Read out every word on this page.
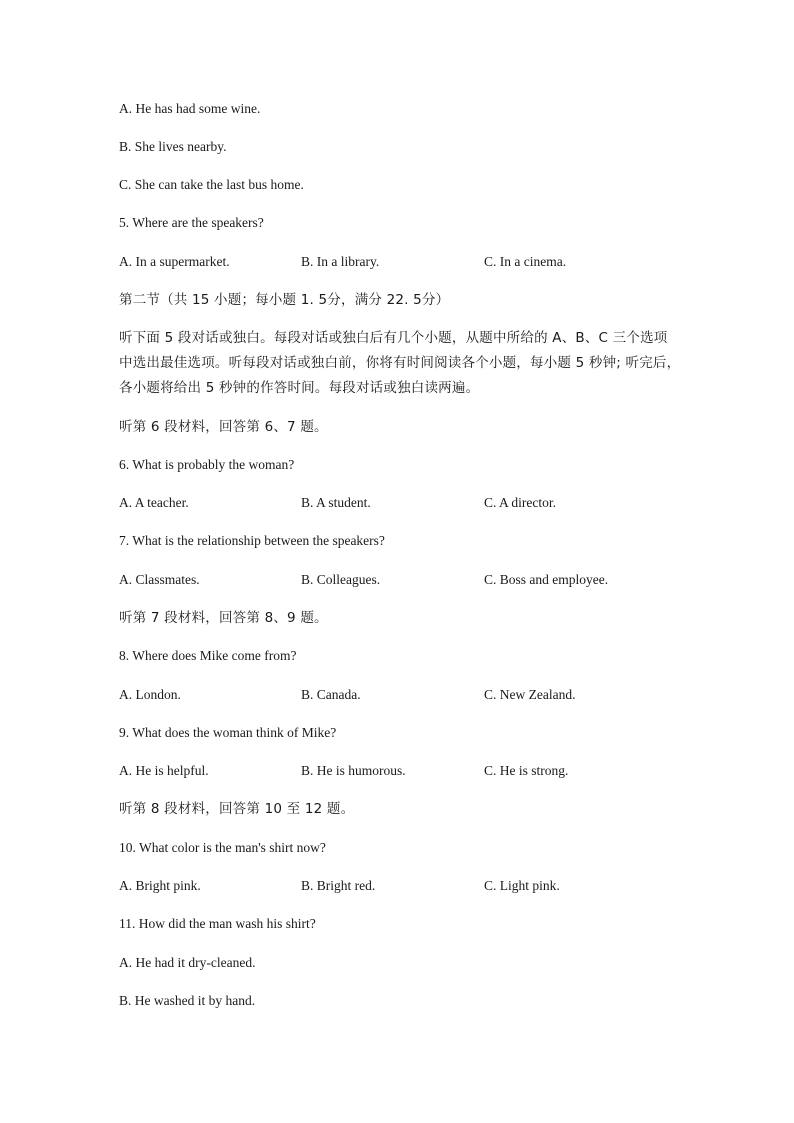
A. He has had some wine.
B. She lives nearby.
C. She can take the last bus home.
5. Where are the speakers?
A. In a supermarket.	B. In a library.	C. In a cinema.
第二节（共 15 小题；每小题 1. 5分，满分 22. 5分）
听下面 5 段对话或独白。每段对话或独白后有几个小题，从题中所给的 A、B、C 三个选项
中选出最佳选项。听每段对话或独白前，你将有时间阅读各个小题，每小题 5 秒钟; 听完后，
各小题将给出 5 秒钟的作答时间。每段对话或独白读两遍。
听第 6 段材料，回答第 6、7 题。
6. What is probably the woman?
A. A teacher.	B. A student.	C. A director.
7. What is the relationship between the speakers?
A. Classmates.	B. Colleagues.	C. Boss and employee.
听第 7 段材料，回答第 8、9 题。
8. Where does Mike come from?
A. London.	B. Canada.	C. New Zealand.
9. What does the woman think of Mike?
A. He is helpful.	B. He is humorous.	C. He is strong.
听第 8 段材料，回答第 10 至 12 题。
10. What color is the man's shirt now?
A. Bright pink.	B. Bright red.	C. Light pink.
11. How did the man wash his shirt?
A. He had it dry-cleaned.
B. He washed it by hand.
